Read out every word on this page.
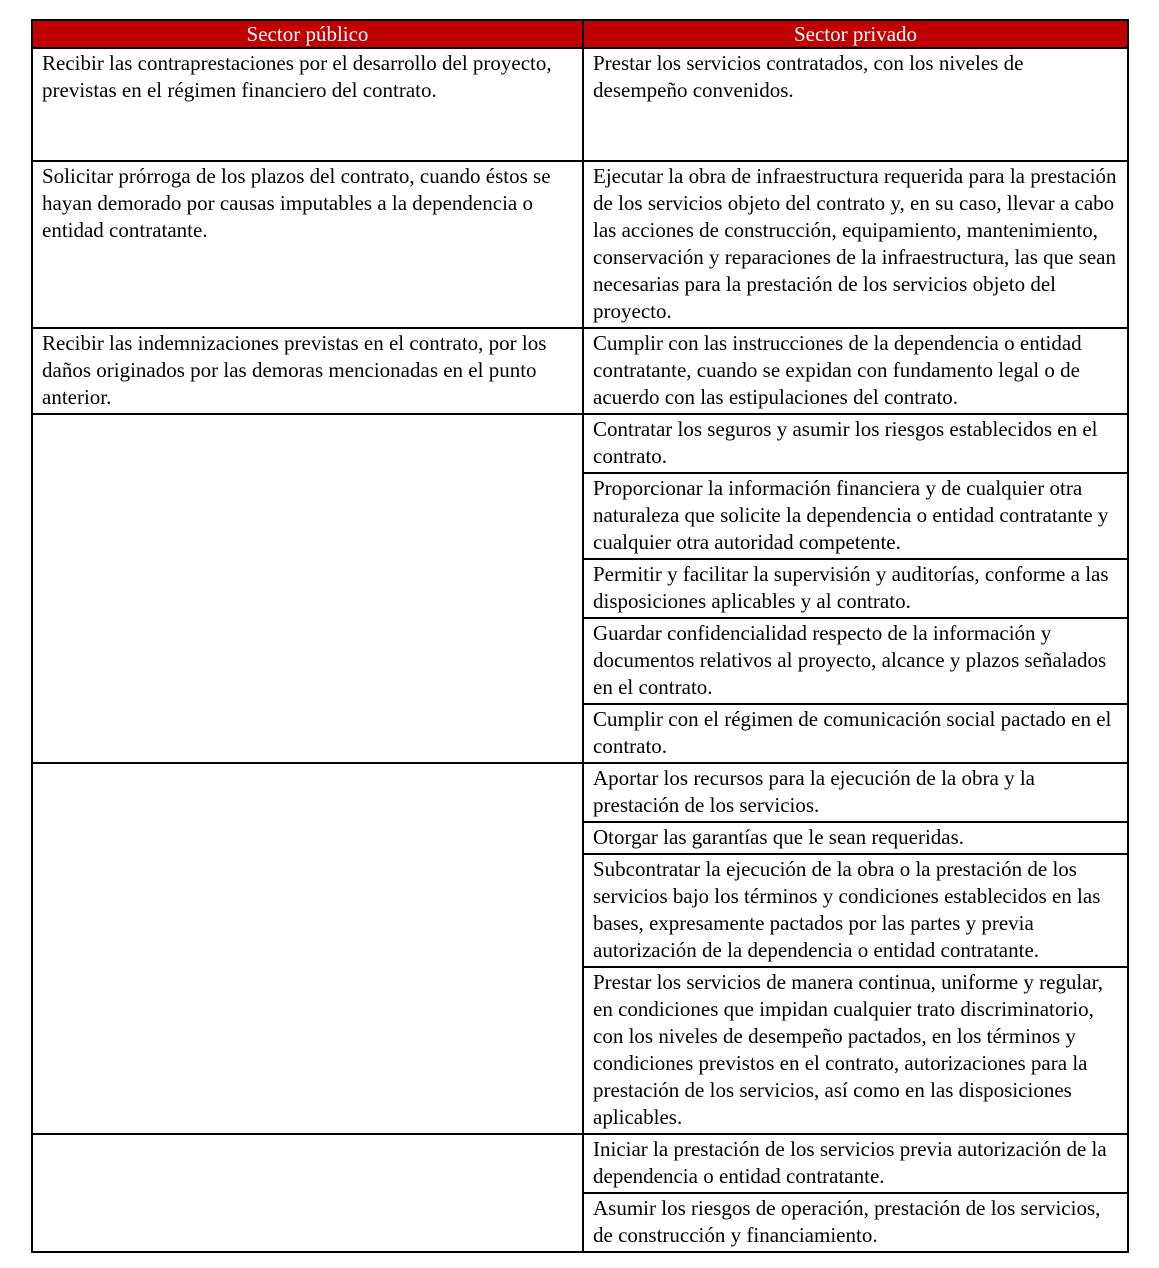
Sector público	Sector privado
Recibir las contraprestaciones por el desarrollo del proyecto, previstas en el régimen financiero del contrato.	Prestar los servicios contratados, con los niveles de desempeño convenidos.
Solicitar prórroga de los plazos del contrato, cuando éstos se hayan demorado por causas imputables a la dependencia o entidad contratante.	Ejecutar la obra de infraestructura requerida para la prestación de los servicios objeto del contrato y, en su caso, llevar a cabo las acciones de construcción, equipamiento, mantenimiento, conservación y reparaciones de la infraestructura, las que sean necesarias para la prestación de los servicios objeto del proyecto.
Recibir las indemnizaciones previstas en el contrato, por los daños originados por las demoras mencionadas en el punto anterior.	Cumplir con las instrucciones de la dependencia o entidad contratante, cuando se expidan con fundamento legal o de acuerdo con las estipulaciones del contrato.
	Contratar los seguros y asumir los riesgos establecidos en el contrato.
	Proporcionar la información financiera y de cualquier otra naturaleza que solicite la dependencia o entidad contratante y cualquier otra autoridad competente.
	Permitir y facilitar la supervisión y auditorías, conforme a las disposiciones aplicables y al contrato.
	Guardar confidencialidad respecto de la información y documentos relativos al proyecto, alcance y plazos señalados en el contrato.
	Cumplir con el régimen de comunicación social pactado en el contrato.
	Aportar los recursos para la ejecución de la obra y la prestación de los servicios.
	Otorgar las garantías que le sean requeridas.
	Subcontratar la ejecución de la obra o la prestación de los servicios bajo los términos y condiciones establecidos en las bases, expresamente pactados por las partes y previa autorización de la dependencia o entidad contratante.
	Prestar los servicios de manera continua, uniforme y regular, en condiciones que impidan cualquier trato discriminatorio, con los niveles de desempeño pactados, en los términos y condiciones previstos en el contrato, autorizaciones para la prestación de los servicios, así como en las disposiciones aplicables.
	Iniciar la prestación de los servicios previa autorización de la dependencia o entidad contratante.
	Asumir los riesgos de operación, prestación de los servicios, de construcción y financiamiento.
